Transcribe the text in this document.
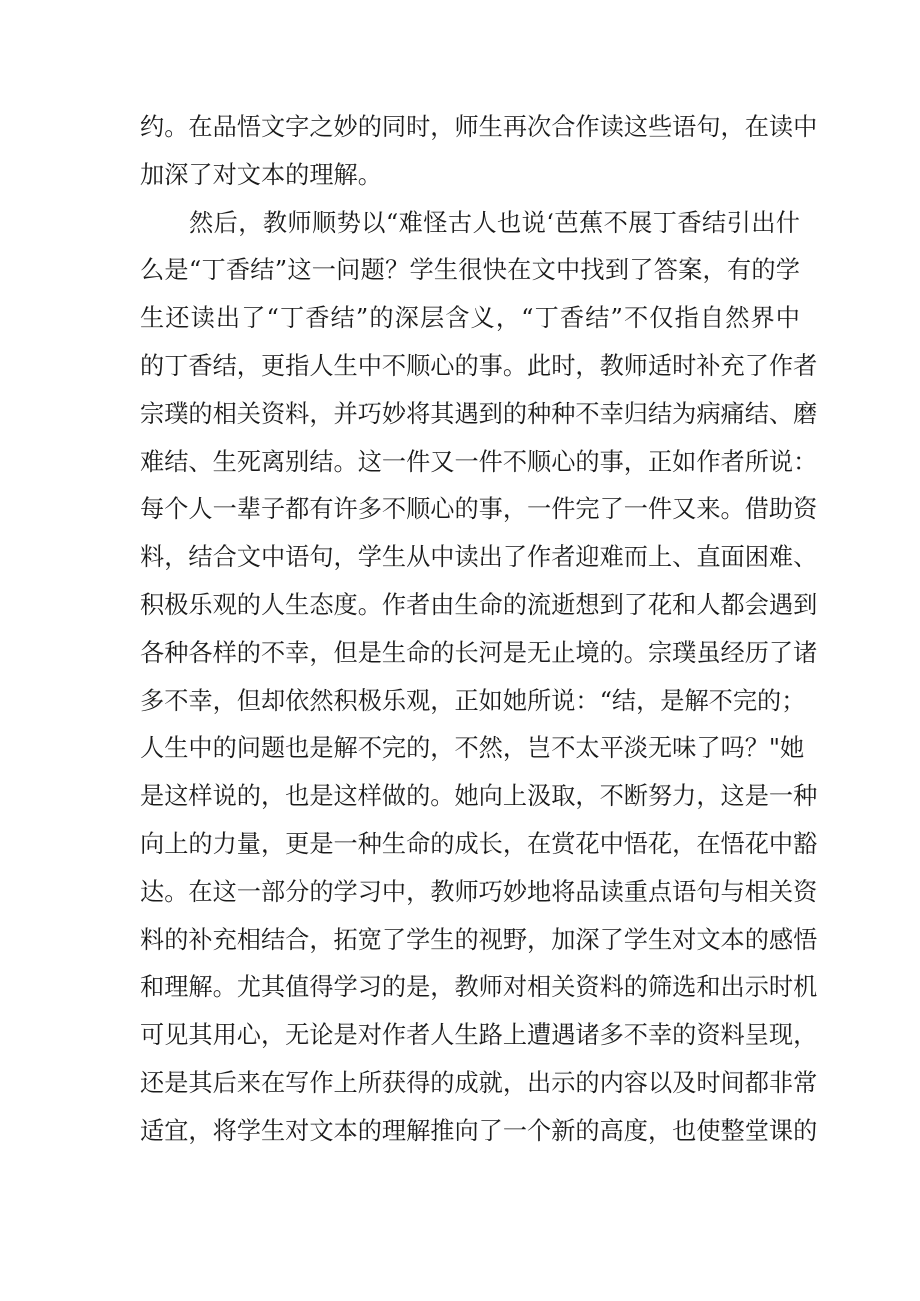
约。在品悟文字之妙的同时，师生再次合作读这些语句，在读中
加深了对文本的理解。
然后，教师顺势以“难怪古人也说‘芭蕉不展丁香结引出什
么是“丁香结”这一问题？学生很快在文中找到了答案，有的学
生还读出了“丁香结”的深层含义，“丁香结”不仅指自然界中
的丁香结，更指人生中不顺心的事。此时，教师适时补充了作者
宗璞的相关资料，并巧妙将其遇到的种种不幸归结为病痛结、磨
难结、生死离别结。这一件又一件不顺心的事，正如作者所说：
每个人一辈子都有许多不顺心的事，一件完了一件又来。借助资
料，结合文中语句，学生从中读出了作者迎难而上、直面困难、
积极乐观的人生态度。作者由生命的流逝想到了花和人都会遇到
各种各样的不幸，但是生命的长河是无止境的。宗璞虽经历了诸
多不幸，但却依然积极乐观，正如她所说：“结，是解不完的；
人生中的问题也是解不完的，不然，岂不太平淡无味了吗？"她
是这样说的，也是这样做的。她向上汲取，不断努力，这是一种
向上的力量，更是一种生命的成长，在赏花中悟花，在悟花中豁
达。在这一部分的学习中，教师巧妙地将品读重点语句与相关资
料的补充相结合，拓宽了学生的视野，加深了学生对文本的感悟
和理解。尤其值得学习的是，教师对相关资料的筛选和出示时机
可见其用心，无论是对作者人生路上遭遇诸多不幸的资料呈现，
还是其后来在写作上所获得的成就，出示的内容以及时间都非常
适宜，将学生对文本的理解推向了一个新的高度，也使整堂课的
